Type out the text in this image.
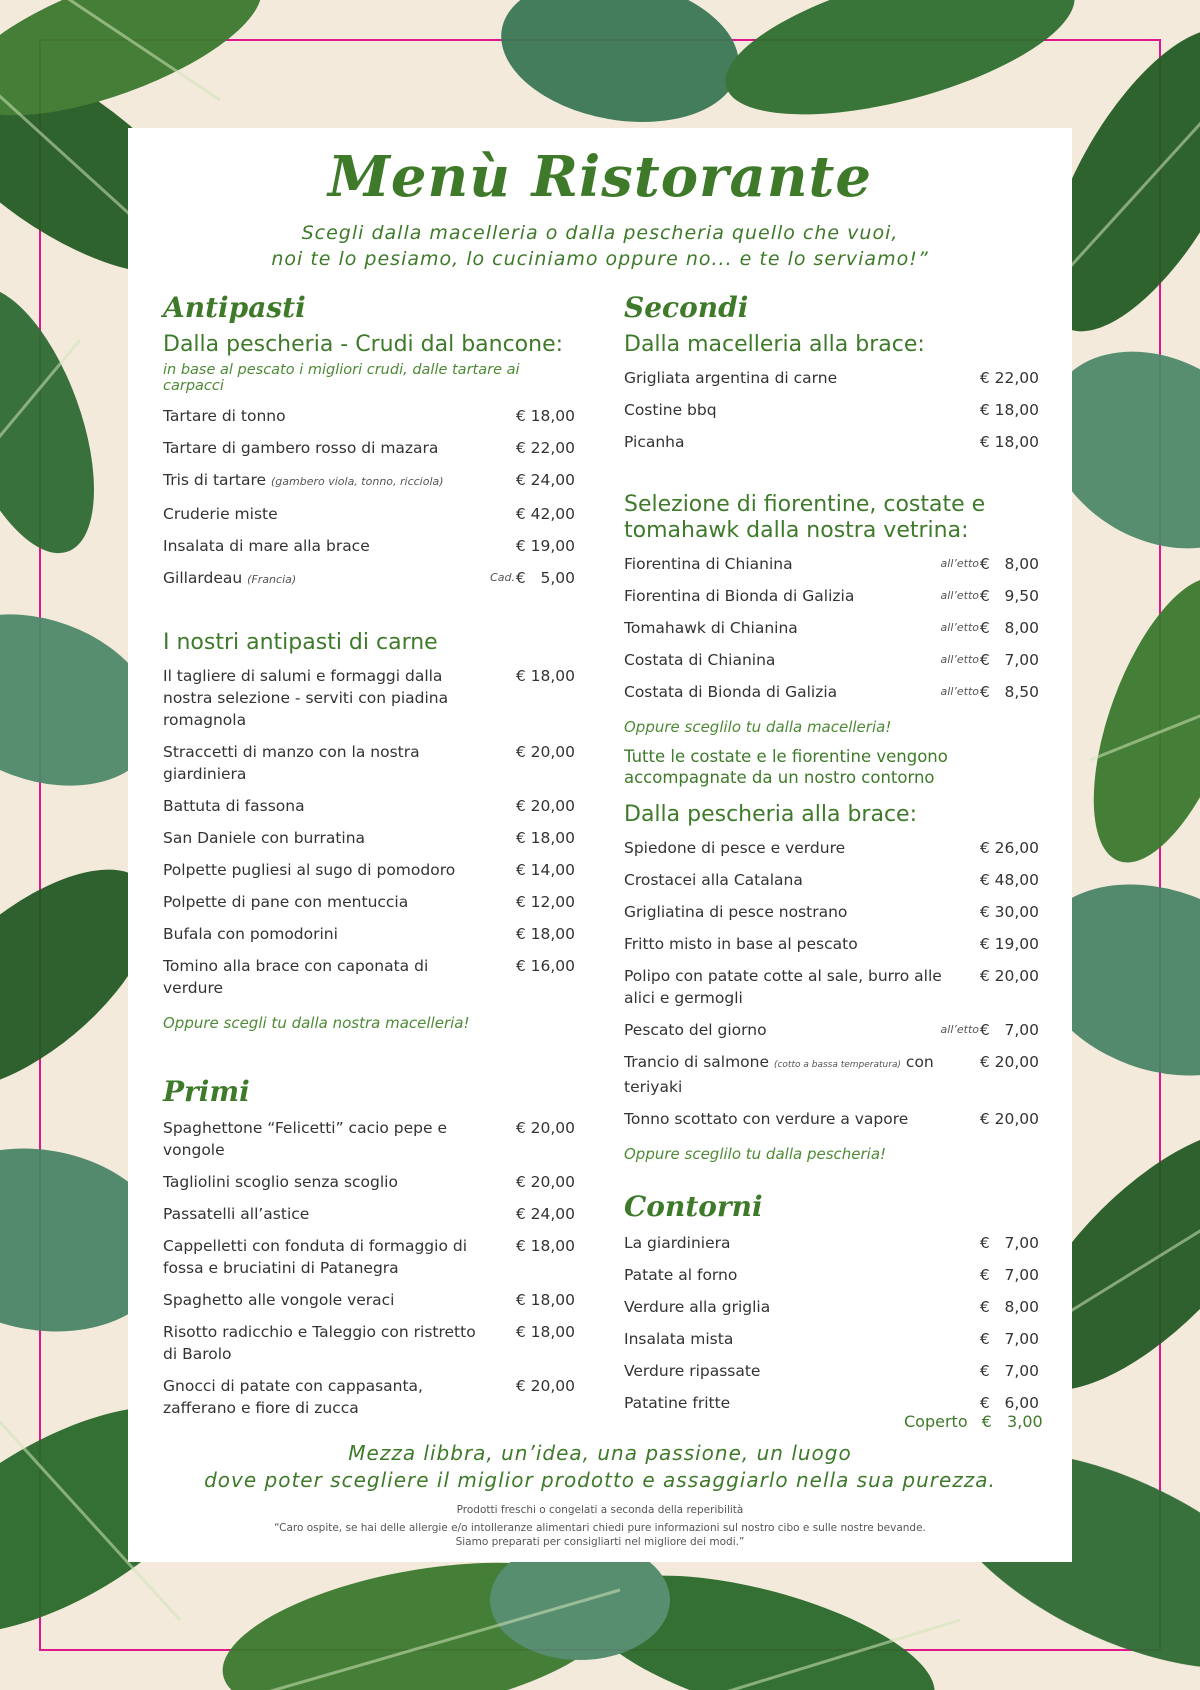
Menù Ristorante
Scegli dalla macelleria o dalla pescheria quello che vuoi,
noi te lo pesiamo, lo cuciniamo oppure no... e te lo serviamo!”
Antipasti
Dalla pescheria - Crudi dal bancone:
in base al pescato i migliori crudi, dalle tartare ai carpacci
Tartare di tonno	€ 18,00
Tartare di gambero rosso di mazara	€ 22,00
Tris di tartare (gambero viola, tonno, ricciola)	€ 24,00
Cruderie miste	€ 42,00
Insalata di mare alla brace	€ 19,00
Gillardeau (Francia)	Cad. €   5,00
I nostri antipasti di carne
Il tagliere di salumi e formaggi dalla nostra selezione - serviti con piadina romagnola
€ 18,00
Straccetti di manzo con la nostra giardiniera
€ 20,00
Battuta di fassona	€ 20,00
San Daniele con burratina	€ 18,00
Polpette pugliesi al sugo di pomodoro	€ 14,00
Polpette di pane con mentuccia	€ 12,00
Bufala con pomodorini	€ 18,00
Tomino alla brace con caponata di verdure
€ 16,00
Oppure scegli tu dalla nostra macelleria!
Primi
Spaghettone “Felicetti” cacio pepe e vongole
€ 20,00
Tagliolini scoglio senza scoglio	€ 20,00
Passatelli all’astice	€ 24,00
Cappelletti con fonduta di formaggio di fossa e bruciatini di Patanegra
€ 18,00
Spaghetto alle vongole veraci	€ 18,00
Risotto radicchio e Taleggio con ristretto di Barolo
€ 18,00
Gnocci di patate con cappasanta, zafferano e fiore di zucca
€ 20,00
Secondi
Dalla macelleria alla brace:
Grigliata argentina di carne	€ 22,00
Costine bbq	€ 18,00
Picanha	€ 18,00
Selezione di fiorentine, costate e tomahawk dalla nostra vetrina:
Fiorentina di Chianina	all’etto €   8,00
Fiorentina di Bionda di Galizia	all’etto €   9,50
Tomahawk di Chianina	all’etto €   8,00
Costata di Chianina	all’etto €   7,00
Costata di Bionda di Galizia	all’etto €   8,50
Oppure sceglilo tu dalla macelleria!
Tutte le costate e le fiorentine vengono accompagnate da un nostro contorno
Dalla pescheria alla brace:
Spiedone di pesce e verdure	€ 26,00
Crostacei alla Catalana	€ 48,00
Grigliatina di pesce nostrano	€ 30,00
Fritto misto in base al pescato	€ 19,00
Polipo con patate cotte al sale, burro alle alici e germogli
€ 20,00
Pescato del giorno	all’etto €   7,00
Trancio di salmone (cotto a bassa temperatura) con teriyaki
€ 20,00
Tonno scottato con verdure a vapore	€ 20,00
Oppure sceglilo tu dalla pescheria!
Contorni
La giardiniera	€   7,00
Patate al forno	€   7,00
Verdure alla griglia	€   8,00
Insalata mista	€   7,00
Verdure ripassate	€   7,00
Patatine fritte	€   6,00
Coperto €   3,00
Mezza libbra, un’idea, una passione, un luogo
dove poter scegliere il miglior prodotto e assaggiarlo nella sua purezza.
Prodotti freschi o congelati a seconda della reperibilità
“Caro ospite, se hai delle allergie e/o intolleranze alimentari chiedi pure informazioni sul nostro cibo e sulle nostre bevande.
Siamo preparati per consigliarti nel migliore dei modi.”
